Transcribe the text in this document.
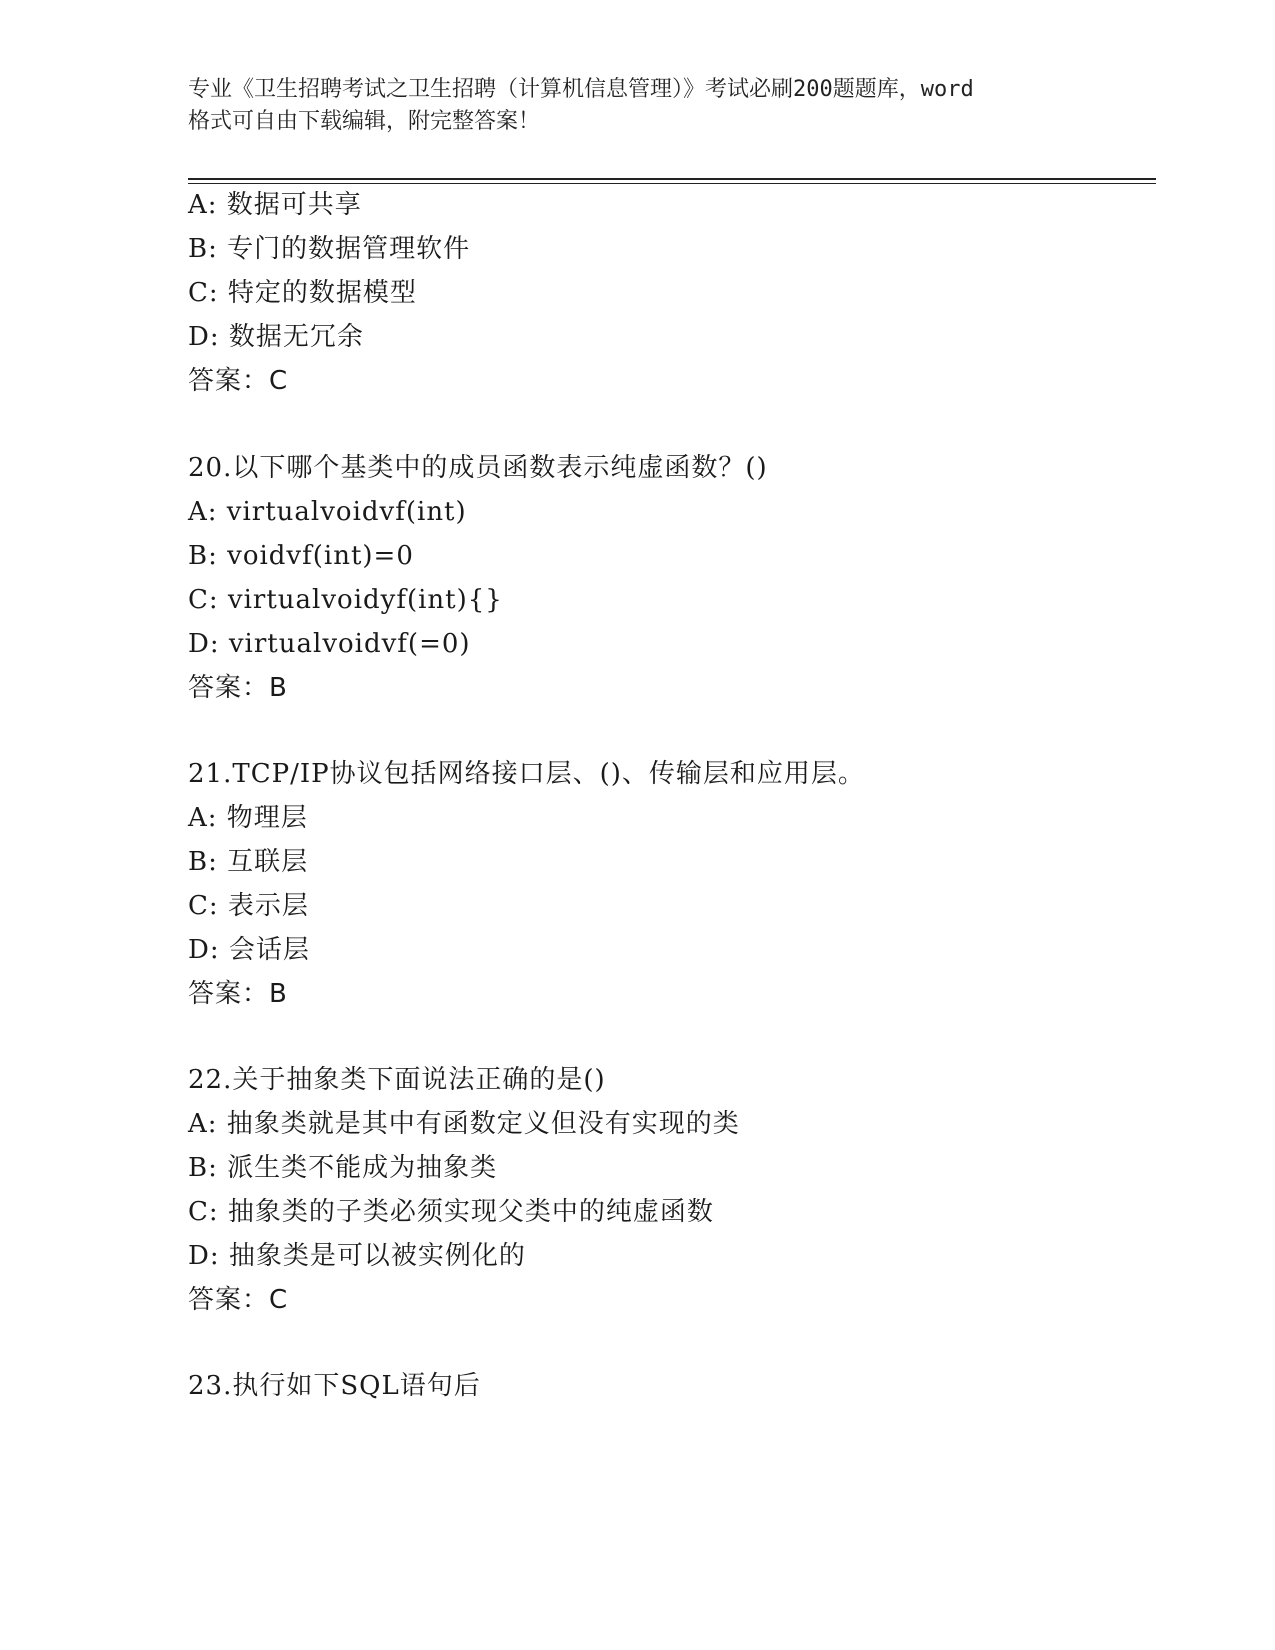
专业《卫生招聘考试之卫生招聘（计算机信息管理）》考试必刷200题题库，word
格式可自由下载编辑，附完整答案！
A: 数据可共享
B: 专门的数据管理软件
C: 特定的数据模型
D: 数据无冗余
答案：C
20.以下哪个基类中的成员函数表示纯虚函数？()
A: virtualvoidvf(int)
B: voidvf(int)=0
C: virtualvoidyf(int){}
D: virtualvoidvf(=0)
答案：B
21.TCP/IP协议包括网络接口层、()、传输层和应用层。
A: 物理层
B: 互联层
C: 表示层
D: 会话层
答案：B
22.关于抽象类下面说法正确的是()
A: 抽象类就是其中有函数定义但没有实现的类
B: 派生类不能成为抽象类
C: 抽象类的子类必须实现父类中的纯虚函数
D: 抽象类是可以被实例化的
答案：C
23.执行如下SQL语句后
